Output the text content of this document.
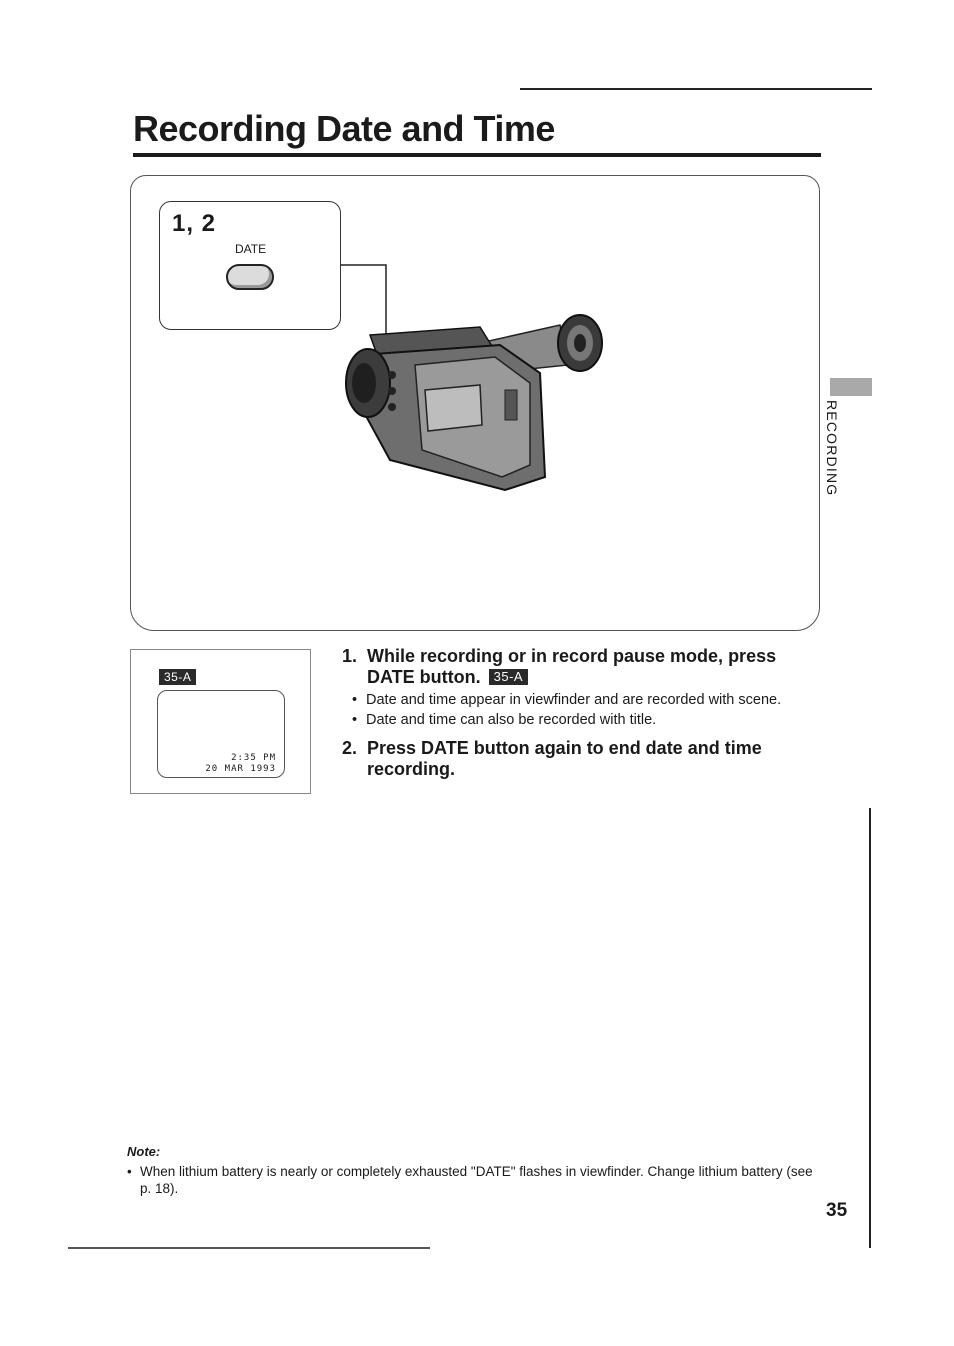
Recording Date and Time
1, 2
DATE
35-A
2:35 PM
20 MAR 1993
1. While recording or in record pause mode, press DATE button. 35-A
• Date and time appear in viewfinder and are recorded with scene.
• Date and time can also be recorded with title.
2. Press DATE button again to end date and time recording.
RECORDING
Note:
• When lithium battery is nearly or completely exhausted "DATE" flashes in viewfinder. Change lithium battery (see p. 18).
35
